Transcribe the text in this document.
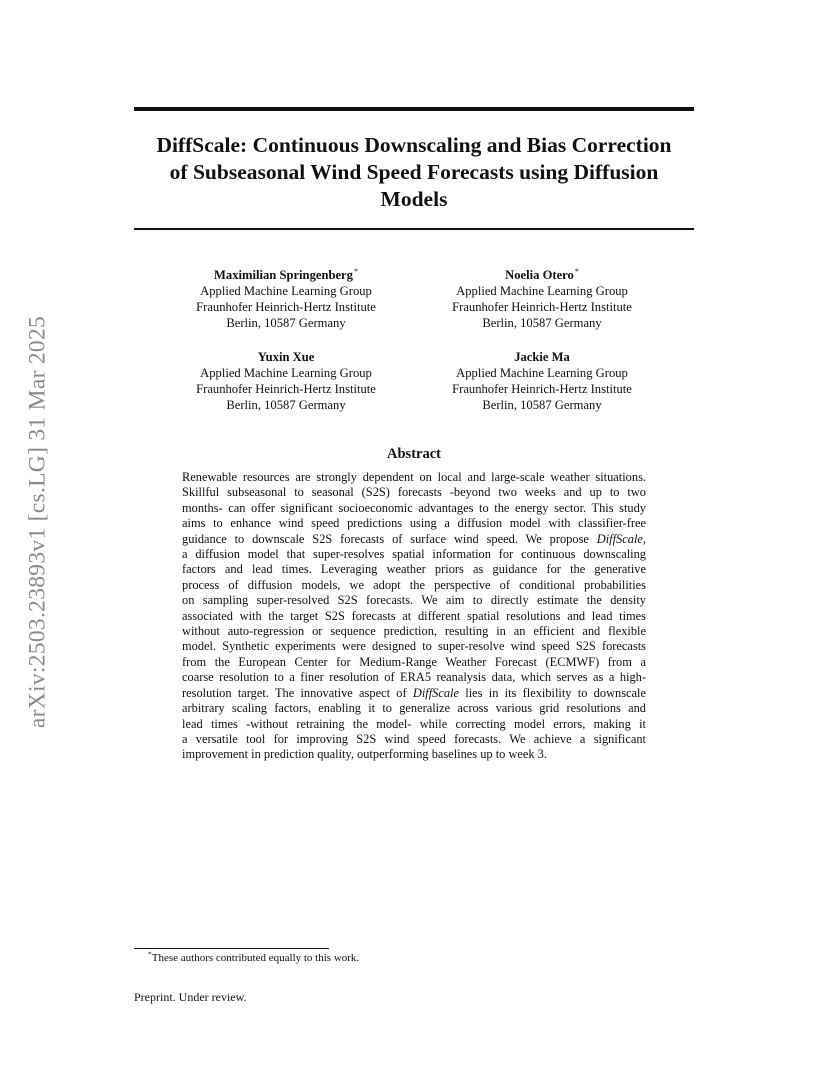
arXiv:2503.23893v1 [cs.LG] 31 Mar 2025
DiffScale: Continuous Downscaling and Bias Correction
of Subseasonal Wind Speed Forecasts using Diffusion
Models
Maximilian Springenberg*
Applied Machine Learning Group
Fraunhofer Heinrich-Hertz Institute
Berlin, 10587 Germany
Noelia Otero*
Applied Machine Learning Group
Fraunhofer Heinrich-Hertz Institute
Berlin, 10587 Germany
Yuxin Xue
Applied Machine Learning Group
Fraunhofer Heinrich-Hertz Institute
Berlin, 10587 Germany
Jackie Ma
Applied Machine Learning Group
Fraunhofer Heinrich-Hertz Institute
Berlin, 10587 Germany
Abstract
Renewable resources are strongly dependent on local and large-scale weather situations.
Skillful subseasonal to seasonal (S2S) forecasts -beyond two weeks and up to two
months- can offer significant socioeconomic advantages to the energy sector. This study
aims to enhance wind speed predictions using a diffusion model with classifier-free
guidance to downscale S2S forecasts of surface wind speed. We propose DiffScale,
a diffusion model that super-resolves spatial information for continuous downscaling
factors and lead times. Leveraging weather priors as guidance for the generative
process of diffusion models, we adopt the perspective of conditional probabilities
on sampling super-resolved S2S forecasts. We aim to directly estimate the density
associated with the target S2S forecasts at different spatial resolutions and lead times
without auto-regression or sequence prediction, resulting in an efficient and flexible
model. Synthetic experiments were designed to super-resolve wind speed S2S forecasts
from the European Center for Medium-Range Weather Forecast (ECMWF) from a
coarse resolution to a finer resolution of ERA5 reanalysis data, which serves as a high-
resolution target. The innovative aspect of DiffScale lies in its flexibility to downscale
arbitrary scaling factors, enabling it to generalize across various grid resolutions and
lead times -without retraining the model- while correcting model errors, making it
a versatile tool for improving S2S wind speed forecasts. We achieve a significant
improvement in prediction quality, outperforming baselines up to week 3.
*These authors contributed equally to this work.
Preprint. Under review.
